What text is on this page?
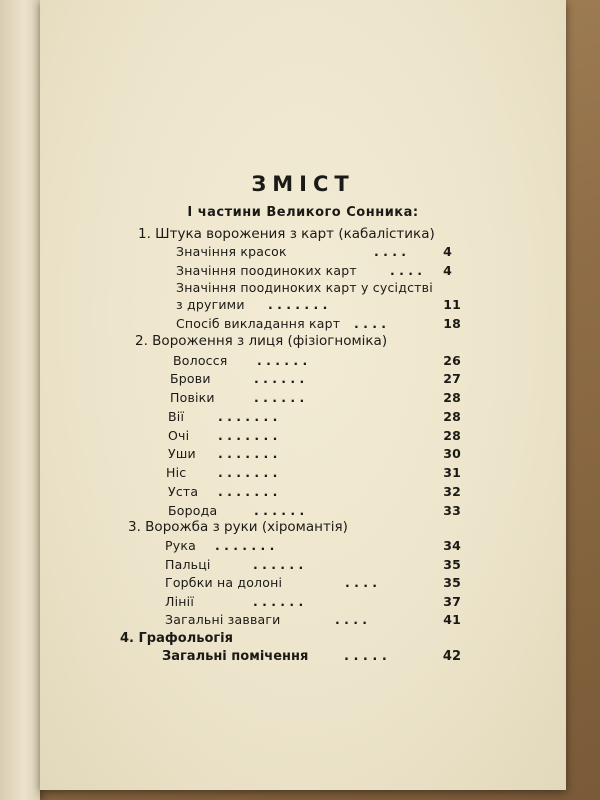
ЗМІСТ
І частини Великого Сонника:
1. Штука ворожения з карт (кабалістика)
Значіння красок	. . . .	4
Значіння поодиноких карт	. . . . 4
Значіння поодиноких карт у сусідстві
з другими . . . . . . .	11
Спосіб викладання карт . . . .	18
2. Вороження з лиця (фізіогноміка)
Волосся . . . . . .	26
Брови	. . . . . .	27
Повіки	. . . . . .	28
Вії	. . . . . . .	28
Очі . . . . . . .	28
Уши . . . . . . .	30
Ніс	. . . . . . .	31
Уста . . . . . . .	32
Борода	. . . . . .	33
3. Ворожба з руки (хіромантія)
Рука . . . . . . .	34
Пальці	. . . . . .	35
Горбки на долоні	. . . .	35
Лінії	. . . . . .	37
Загальні завваги	. . . .	41
4. Графольогія
Загальні помічення	. . . . .	42
